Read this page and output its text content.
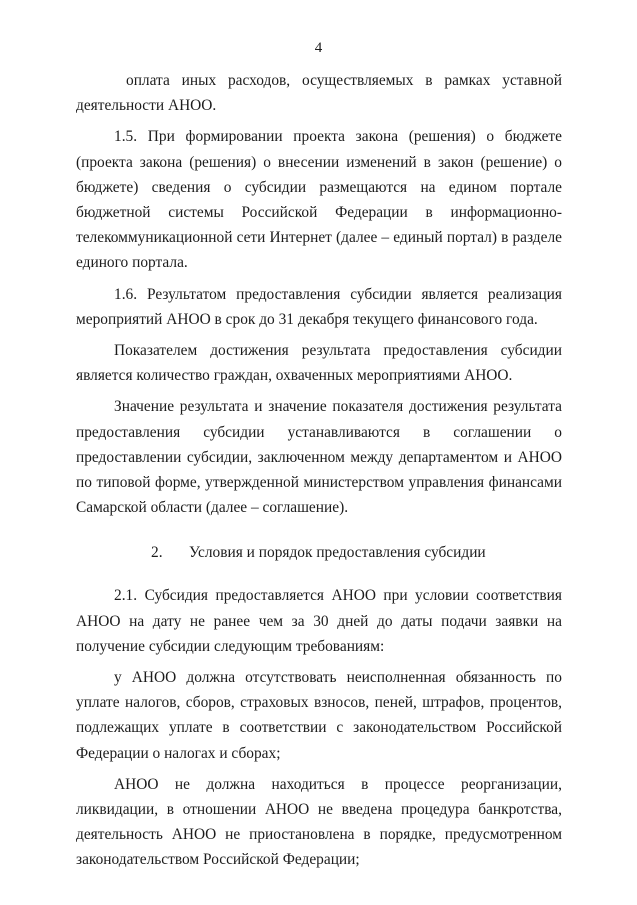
4

оплата иных расходов, осуществляемых в рамках уставной деятельности АНОО.

1.5. При формировании проекта закона (решения) о бюджете (проекта закона (решения) о внесении изменений в закон (решение) о бюджете) сведения о субсидии размещаются на едином портале бюджетной системы Российской Федерации в информационно-телекоммуникационной сети Интернет (далее – единый портал) в разделе единого портала.

1.6. Результатом предоставления субсидии является реализация мероприятий АНОО в срок до 31 декабря текущего финансового года.

Показателем достижения результата предоставления субсидии является количество граждан, охваченных мероприятиями АНОО.

Значение результата и значение показателя достижения результата предоставления субсидии устанавливаются в соглашении о предоставлении субсидии, заключенном между департаментом и АНОО по типовой форме, утвержденной министерством управления финансами Самарской области (далее – соглашение).

2. Условия и порядок предоставления субсидии

2.1. Субсидия предоставляется АНОО при условии соответствия АНОО на дату не ранее чем за 30 дней до даты подачи заявки на получение субсидии следующим требованиям:

у АНОО должна отсутствовать неисполненная обязанность по уплате налогов, сборов, страховых взносов, пеней, штрафов, процентов, подлежащих уплате в соответствии с законодательством Российской Федерации о налогах и сборах;

АНОО не должна находиться в процессе реорганизации, ликвидации, в отношении АНОО не введена процедура банкротства, деятельность АНОО не приостановлена в порядке, предусмотренном законодательством Российской Федерации;
